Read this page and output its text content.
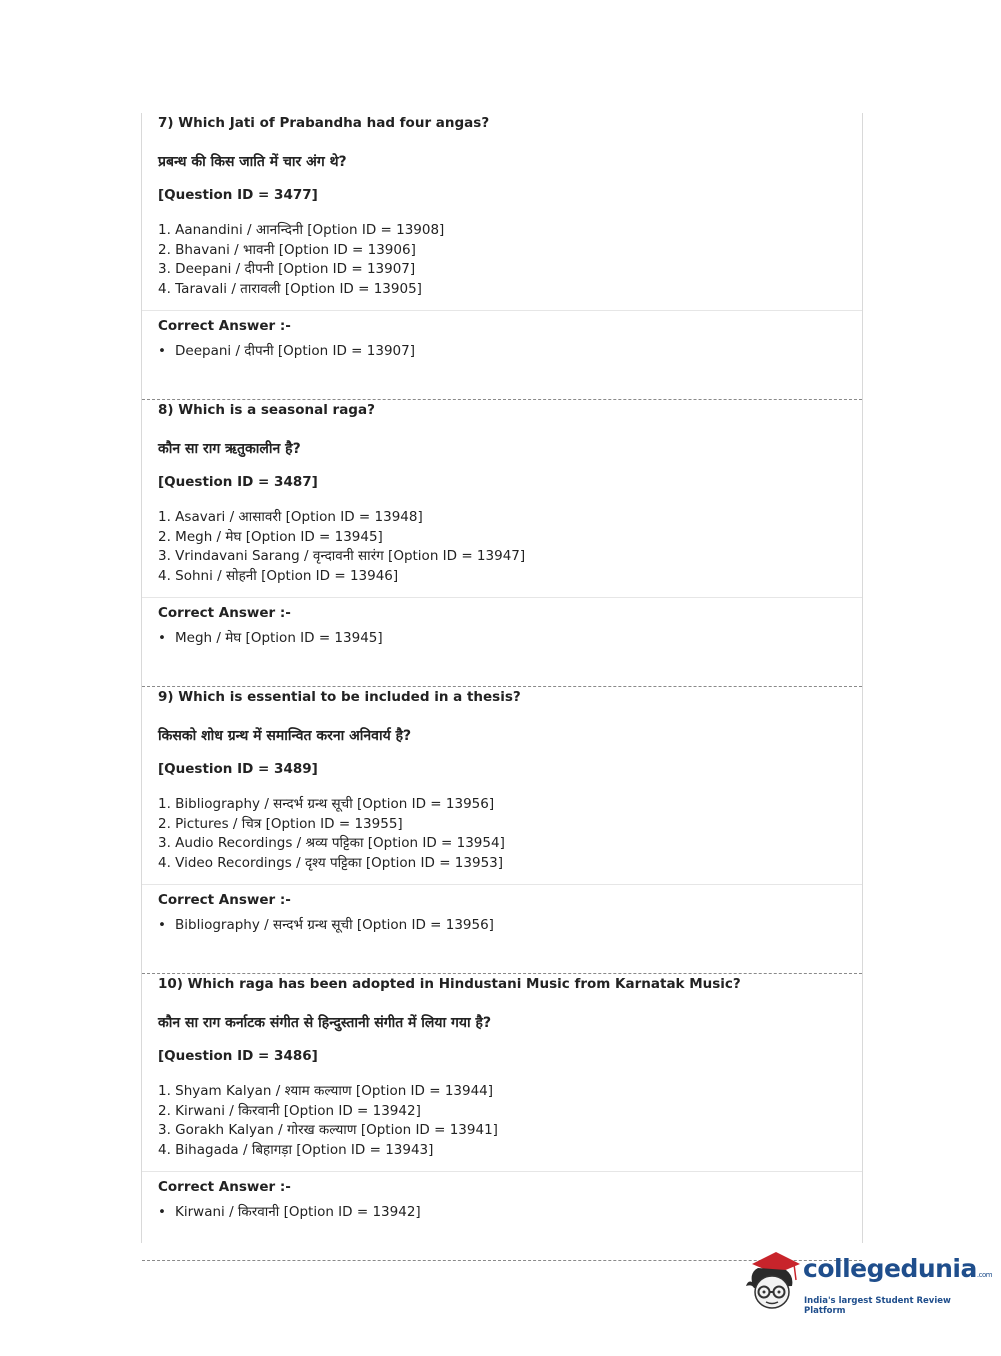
7) Which Jati of Prabandha had four angas?
प्रबन्ध की किस जाति में चार अंग थे?
[Question ID = 3477]
1. Aanandini / आनन्दिनी [Option ID = 13908]
2. Bhavani / भावनी [Option ID = 13906]
3. Deepani / दीपनी [Option ID = 13907]
4. Taravali / तारावली [Option ID = 13905]
Correct Answer :-
• Deepani / दीपनी [Option ID = 13907]
8) Which is a seasonal raga?
कौन सा राग ऋतुकालीन है?
[Question ID = 3487]
1. Asavari / आसावरी [Option ID = 13948]
2. Megh / मेघ [Option ID = 13945]
3. Vrindavani Sarang / वृन्दावनी सारंग [Option ID = 13947]
4. Sohni / सोहनी [Option ID = 13946]
Correct Answer :-
• Megh / मेघ [Option ID = 13945]
9) Which is essential to be included in a thesis?
किसको शोध ग्रन्थ में समान्वित करना अनिवार्य है?
[Question ID = 3489]
1. Bibliography / सन्दर्भ ग्रन्थ सूची [Option ID = 13956]
2. Pictures / चित्र [Option ID = 13955]
3. Audio Recordings / श्रव्य पट्टिका [Option ID = 13954]
4. Video Recordings / दृश्य पट्टिका [Option ID = 13953]
Correct Answer :-
• Bibliography / सन्दर्भ ग्रन्थ सूची [Option ID = 13956]
10) Which raga has been adopted in Hindustani Music from Karnatak Music?
कौन सा राग कर्नाटक संगीत से हिन्दुस्तानी संगीत में लिया गया है?
[Question ID = 3486]
1. Shyam Kalyan / श्याम कल्याण [Option ID = 13944]
2. Kirwani / किरवानी [Option ID = 13942]
3. Gorakh Kalyan / गोरख कल्याण [Option ID = 13941]
4. Bihagada / बिहागड़ा [Option ID = 13943]
Correct Answer :-
• Kirwani / किरवानी [Option ID = 13942]
collegedunia.com
India's largest Student Review Platform
